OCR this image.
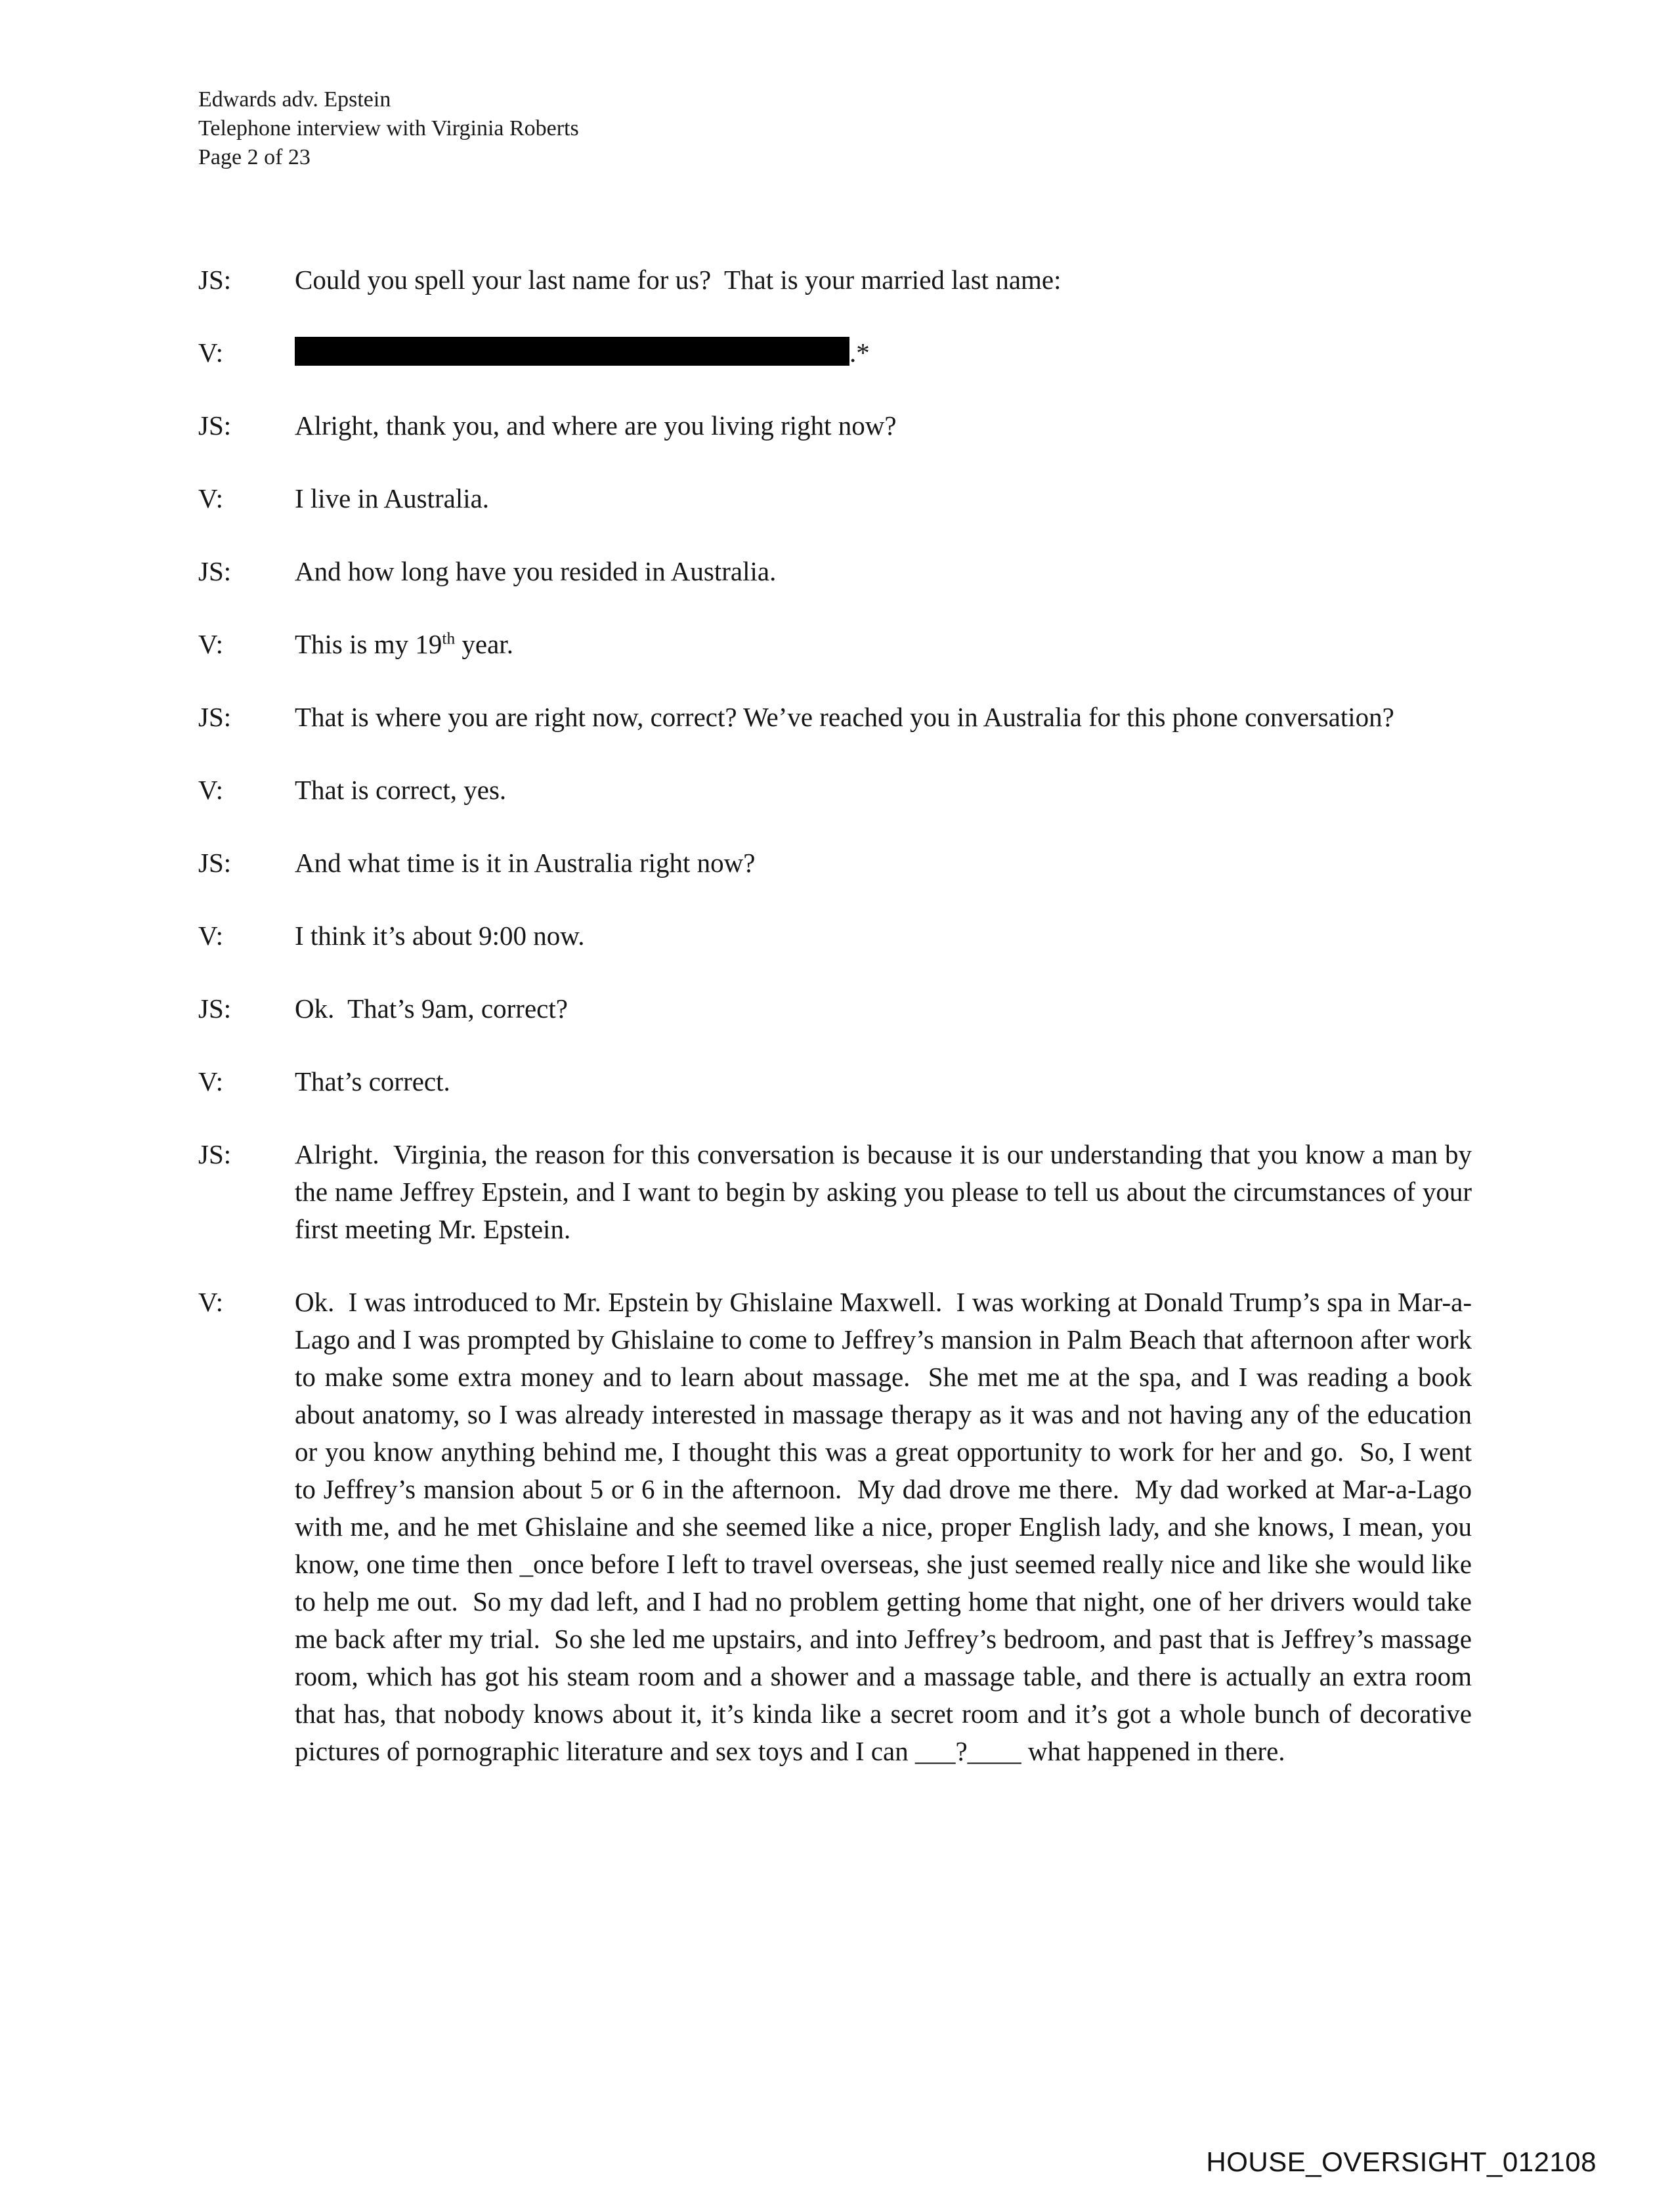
Edwards adv. Epstein
Telephone interview with Virginia Roberts
Page 2 of 23
JS:	Could you spell your last name for us?  That is your married last name:
V:	.*
JS:	Alright, thank you, and where are you living right now?
V:	I live in Australia.
JS:	And how long have you resided in Australia.
V:	This is my 19th year.
JS:	That is where you are right now, correct? We’ve reached you in Australia for this phone conversation?
V:	That is correct, yes.
JS:	And what time is it in Australia right now?
V:	I think it’s about 9:00 now.
JS:	Ok.  That’s 9am, correct?
V:	That’s correct.
JS:	Alright.  Virginia, the reason for this conversation is because it is our understanding that you know a man by the name Jeffrey Epstein, and I want to begin by asking you please to tell us about the circumstances of your first meeting Mr. Epstein.
V:	Ok.  I was introduced to Mr. Epstein by Ghislaine Maxwell.  I was working at Donald Trump’s spa in Mar-a-Lago and I was prompted by Ghislaine to come to Jeffrey’s mansion in Palm Beach that afternoon after work to make some extra money and to learn about massage.  She met me at the spa, and I was reading a book about anatomy, so I was already interested in massage therapy as it was and not having any of the education or you know anything behind me, I thought this was a great opportunity to work for her and go.  So, I went to Jeffrey’s mansion about 5 or 6 in the afternoon.  My dad drove me there.  My dad worked at Mar-a-Lago with me, and he met Ghislaine and she seemed like a nice, proper English lady, and she knows, I mean, you know, one time then _once before I left to travel overseas, she just seemed really nice and like she would like to help me out.  So my dad left, and I had no problem getting home that night, one of her drivers would take me back after my trial.  So she led me upstairs, and into Jeffrey’s bedroom, and past that is Jeffrey’s massage room, which has got his steam room and a shower and a massage table, and there is actually an extra room that has, that nobody knows about it, it’s kinda like a secret room and it’s got a whole bunch of decorative pictures of pornographic literature and sex toys and I can ___?____ what happened in there.
HOUSE_OVERSIGHT_012108
